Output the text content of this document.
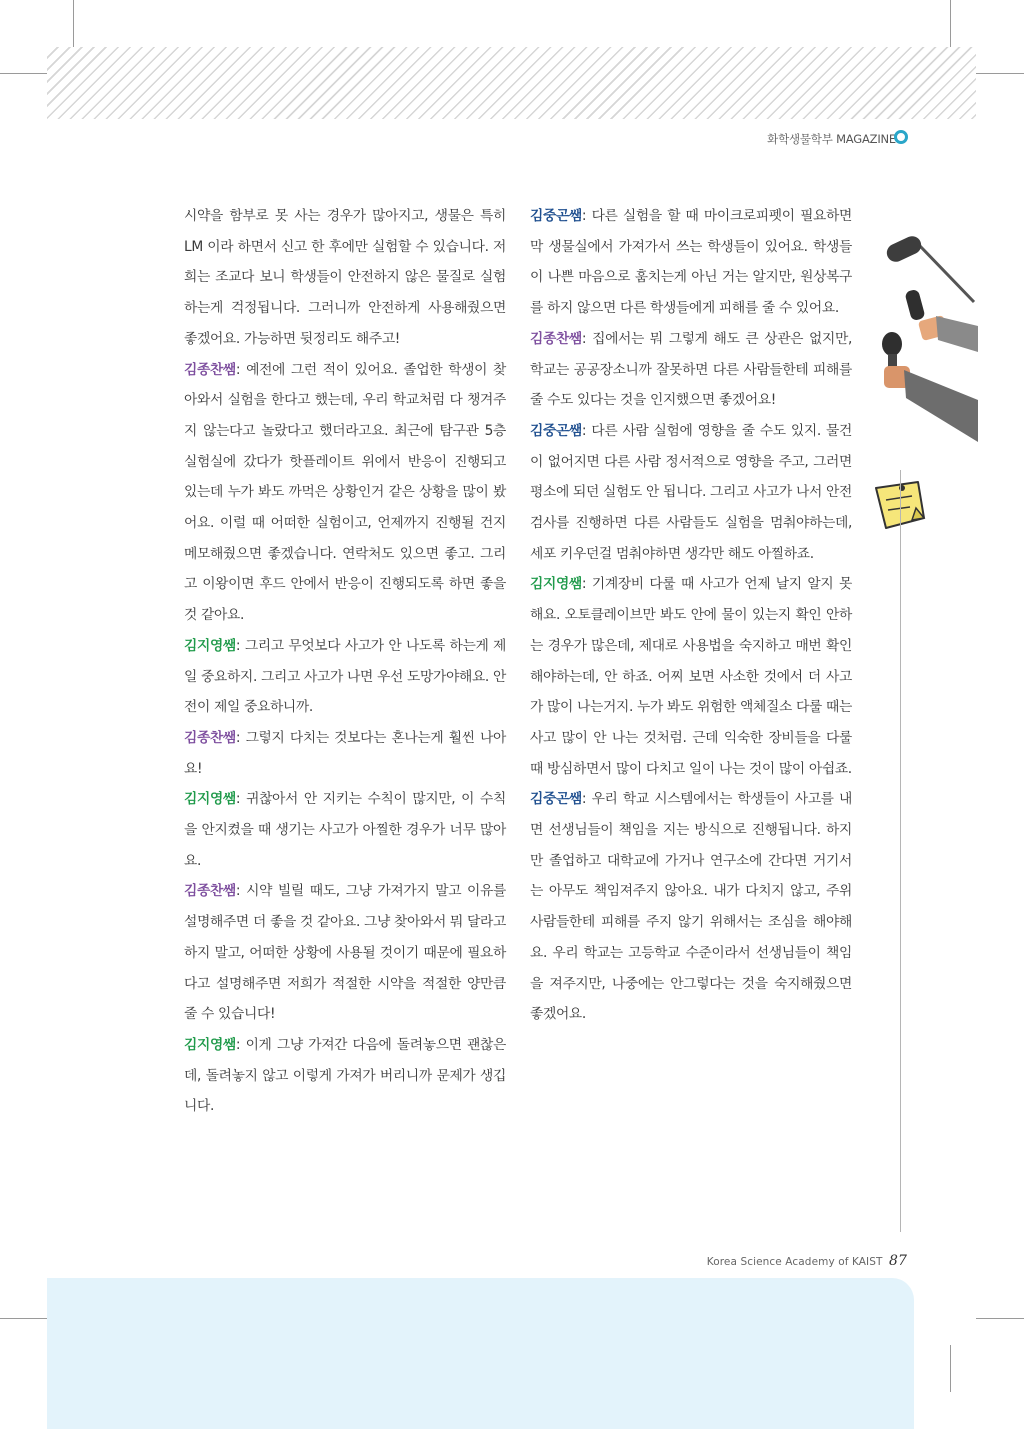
화학생물학부 MAGAZINE

시약을 함부로 못 사는 경우가 많아지고, 생물은 특히 LM 이라 하면서 신고 한 후에만 실험할 수 있습니다. 저희는 조교다 보니 학생들이 안전하지 않은 물질로 실험하는게 걱정됩니다. 그러니까 안전하게 사용해줬으면 좋겠어요. 가능하면 뒷정리도 해주고!

김종찬쌤: 예전에 그런 적이 있어요. 졸업한 학생이 찾아와서 실험을 한다고 했는데, 우리 학교처럼 다 챙겨주지 않는다고 놀랐다고 했더라고요. 최근에 탐구관 5층 실험실에 갔다가 핫플레이트 위에서 반응이 진행되고 있는데 누가 봐도 까먹은 상황인거 같은 상황을 많이 봤어요. 이럴 때 어떠한 실험이고, 언제까지 진행될 건지 메모해줬으면 좋겠습니다. 연락처도 있으면 좋고. 그리고 이왕이면 후드 안에서 반응이 진행되도록 하면 좋을 것 같아요.

김지영쌤: 그리고 무엇보다 사고가 안 나도록 하는게 제일 중요하지. 그리고 사고가 나면 우선 도망가야해요. 안전이 제일 중요하니까.

김종찬쌤: 그렇지 다치는 것보다는 혼나는게 훨씬 나아요!

김지영쌤: 귀찮아서 안 지키는 수칙이 많지만, 이 수칙을 안지켰을 때 생기는 사고가 아찔한 경우가 너무 많아요.

김종찬쌤: 시약 빌릴 때도, 그냥 가져가지 말고 이유를 설명해주면 더 좋을 것 같아요. 그냥 찾아와서 뭐 달라고 하지 말고, 어떠한 상황에 사용될 것이기 때문에 필요하다고 설명해주면 저희가 적절한 시약을 적절한 양만큼 줄 수 있습니다!

김지영쌤: 이게 그냥 가져간 다음에 돌려놓으면 괜찮은데, 돌려놓지 않고 이렇게 가져가 버리니까 문제가 생깁니다.

김중곤쌤: 다른 실험을 할 때 마이크로피펫이 필요하면 막 생물실에서 가져가서 쓰는 학생들이 있어요. 학생들이 나쁜 마음으로 훔치는게 아닌 거는 알지만, 원상복구를 하지 않으면 다른 학생들에게 피해를 줄 수 있어요.

김종찬쌤: 집에서는 뭐 그렇게 해도 큰 상관은 없지만, 학교는 공공장소니까 잘못하면 다른 사람들한테 피해를 줄 수도 있다는 것을 인지했으면 좋겠어요!

김중곤쌤: 다른 사람 실험에 영향을 줄 수도 있지. 물건이 없어지면 다른 사람 정서적으로 영향을 주고, 그러면 평소에 되던 실험도 안 됩니다. 그리고 사고가 나서 안전검사를 진행하면 다른 사람들도 실험을 멈춰야하는데, 세포 키우던걸 멈춰야하면 생각만 해도 아찔하죠.

김지영쌤: 기계장비 다룰 때 사고가 언제 날지 알지 못해요. 오토클레이브만 봐도 안에 물이 있는지 확인 안하는 경우가 많은데, 제대로 사용법을 숙지하고 매번 확인해야하는데, 안 하죠. 어찌 보면 사소한 것에서 더 사고가 많이 나는거지. 누가 봐도 위험한 액체질소 다룰 때는 사고 많이 안 나는 것처럼. 근데 익숙한 장비들을 다룰 때 방심하면서 많이 다치고 일이 나는 것이 많이 아쉽죠.

김중곤쌤: 우리 학교 시스템에서는 학생들이 사고를 내면 선생님들이 책임을 지는 방식으로 진행됩니다. 하지만 졸업하고 대학교에 가거나 연구소에 간다면 거기서는 아무도 책임져주지 않아요. 내가 다치지 않고, 주위 사람들한테 피해를 주지 않기 위해서는 조심을 해야해요. 우리 학교는 고등학교 수준이라서 선생님들이 책임을 져주지만, 나중에는 안그렇다는 것을 숙지해줬으면 좋겠어요.

Korea Science Academy of KAIST 87
